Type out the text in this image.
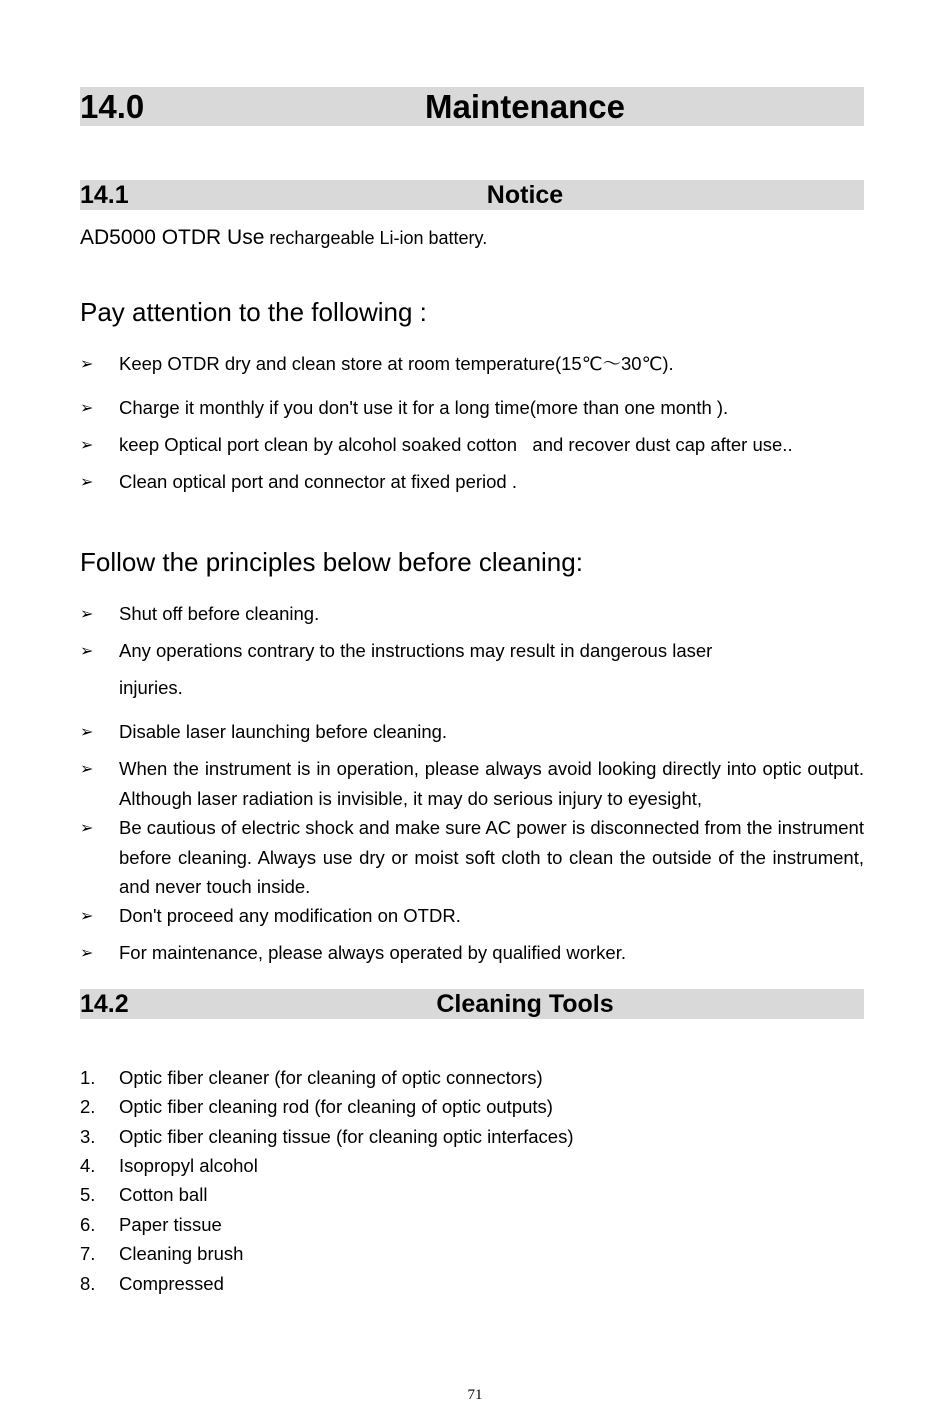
14.0	Maintenance
14.1	Notice
AD5000 OTDR Use rechargeable Li-ion battery.
Pay attention to the following :
➢	Keep OTDR dry and clean store at room temperature(15℃～30℃).
➢	Charge it monthly if you don't use it for a long time(more than one month ).
➢	keep Optical port clean by alcohol soaked cotton   and recover dust cap after use..
➢	Clean optical port and connector at fixed period .
Follow the principles below before cleaning:
➢	Shut off before cleaning.
➢	Any operations contrary to the instructions may result in dangerous laser
injuries.
➢	Disable laser launching before cleaning.
➢	When the instrument is in operation, please always avoid looking directly into optic output. Although laser radiation is invisible, it may do serious injury to eyesight,
➢	Be cautious of electric shock and make sure AC power is disconnected from the instrument before cleaning. Always use dry or moist soft cloth to clean the outside of the instrument, and never touch inside.
➢	Don't proceed any modification on OTDR.
➢	For maintenance, please always operated by qualified worker.
14.2	Cleaning Tools
1.	Optic fiber cleaner (for cleaning of optic connectors)
2.	Optic fiber cleaning rod (for cleaning of optic outputs)
3.	Optic fiber cleaning tissue (for cleaning optic interfaces)
4.	Isopropyl alcohol
5.	Cotton ball
6.	Paper tissue
7.	Cleaning brush
8.	Compressed
71
